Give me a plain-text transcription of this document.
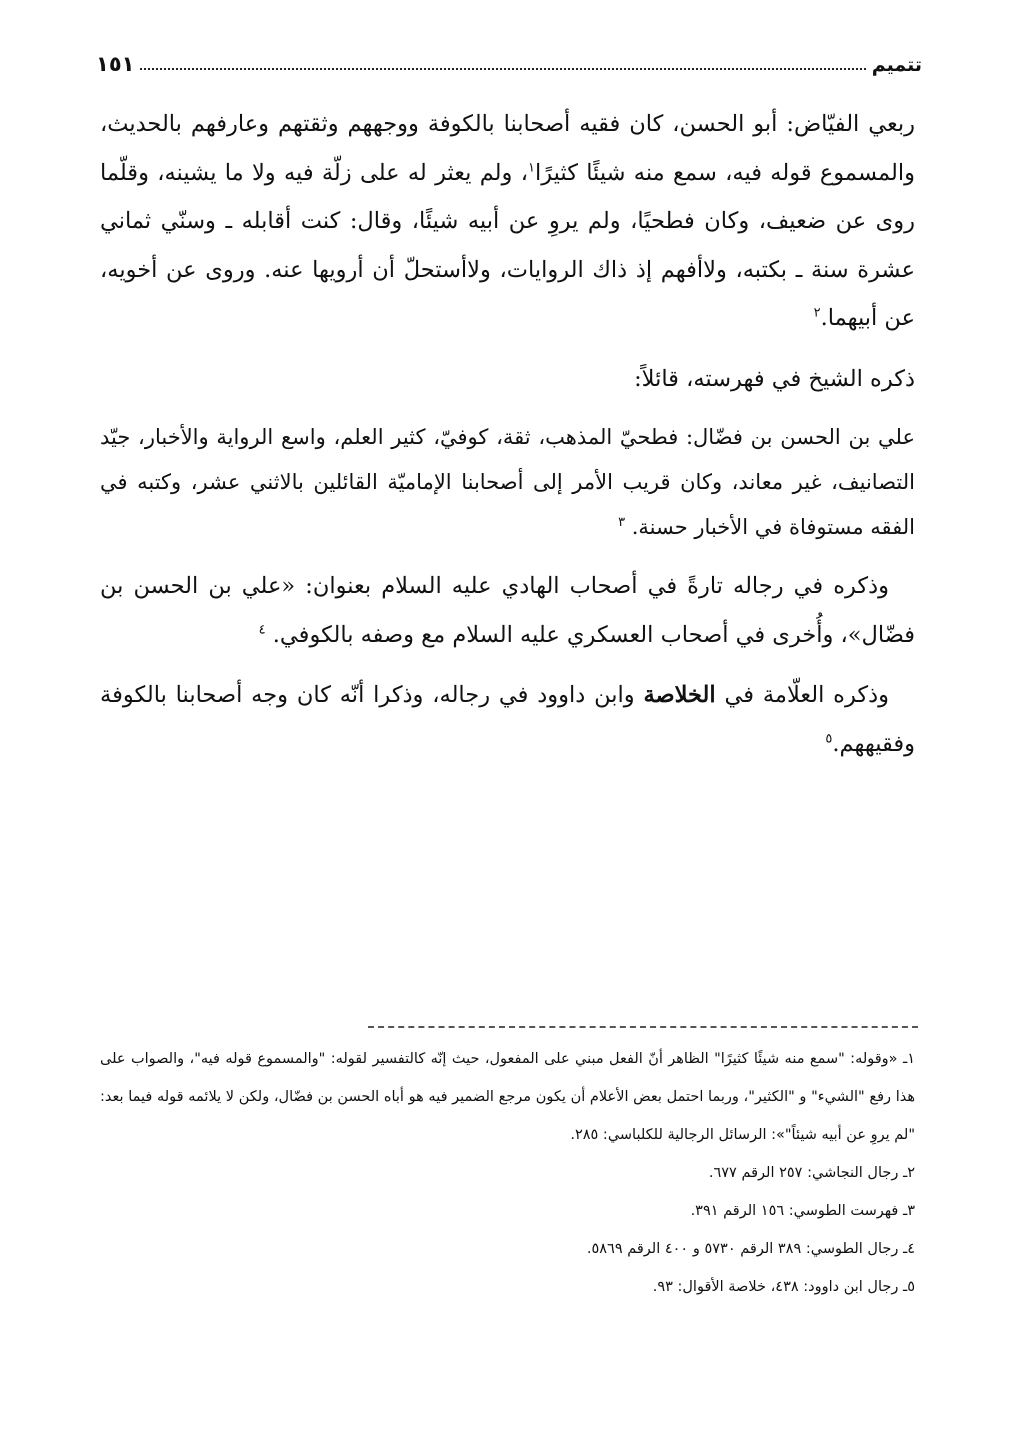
تتميم
١٥١

ربعي الفيّاض: أبو الحسن، كان فقيه أصحابنا بالكوفة ووجههم وثقتهم وعارفهم بالحديث، والمسموع قوله فيه، سمع منه شيئًا كثيرًا$^١$، ولم يعثر له على زلّة فيه ولا ما يشينه، وقلّما روى عن ضعيف، وكان فطحيًا، ولم يروِ عن أبيه شيئًا، وقال: كنت أقابله ـ وسنّي ثماني عشرة سنة ـ بكتبه، ولاأفهم إذ ذاك الروايات، ولاأستحلّ أن أرويها عنه. وروى عن أخويه، عن أبيهما.$^٢$

ذكره الشيخ في فهرسته، قائلاً:

علي بن الحسن بن فضّال: فطحيّ المذهب، ثقة، كوفيّ، كثير العلم، واسع الرواية والأخبار، جيّد التصانيف، غير معاند، وكان قريب الأمر إلى أصحابنا الإماميّة القائلين بالاثني عشر، وكتبه في الفقه مستوفاة في الأخبار حسنة. $^٣$

وذكره في رجاله تارةً في أصحاب الهادي عليه السلام بعنوان: «علي بن الحسن بن فضّال»، وأُخرى في أصحاب العسكري عليه السلام مع وصفه بالكوفي. $^٤$

وذكره العلّامة في الخلاصة وابن داوود في رجاله، وذكرا أنّه كان وجه أصحابنا بالكوفة وفقيههم.$^٥$

١ـ «وقوله: "سمع منه شيئًا كثيرًا" الظاهر أنّ الفعل مبني على المفعول، حيث إنّه كالتفسير لقوله: "والمسموع قوله فيه"، والصواب على هذا رفع "الشيء" و "الكثير"، وربما احتمل بعض الأعلام أن يكون مرجع الضمير فيه هو أباه الحسن بن فضّال، ولكن لا يلائمه قوله فيما بعد: "لم يروِ عن أبيه شيئاً"»: الرسائل الرجالية للكلباسي: ٢٨٥.

٢ـ رجال النجاشي: ٢٥٧ الرقم ٦٧٧.

٣ـ فهرست الطوسي: ١٥٦ الرقم ٣٩١.

٤ـ رجال الطوسي: ٣٨٩ الرقم ٥٧٣٠ و ٤٠٠ الرقم ٥٨٦٩.

٥ـ رجال ابن داوود: ٤٣٨، خلاصة الأقوال: ٩٣.
